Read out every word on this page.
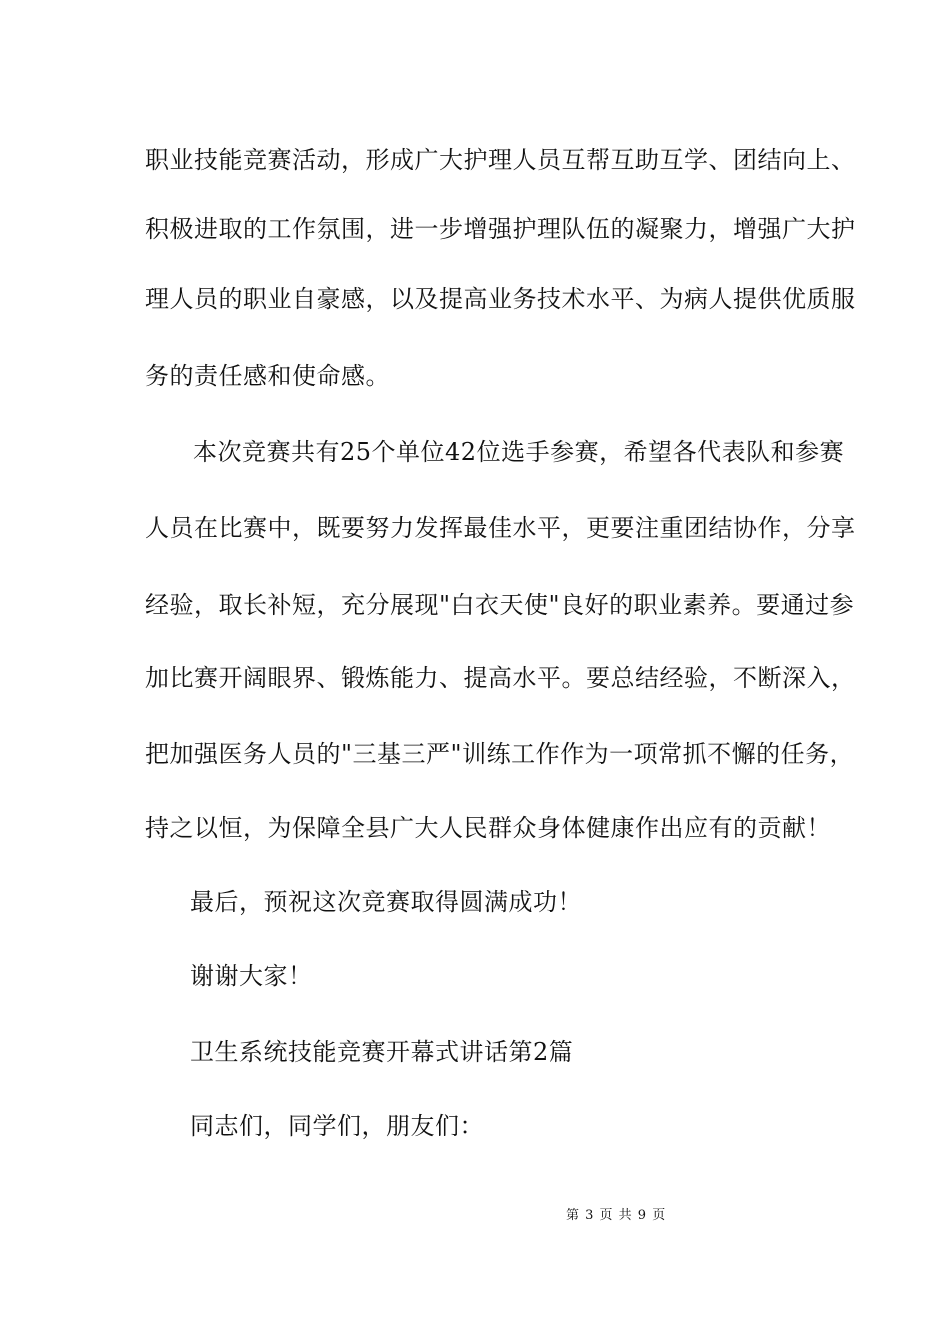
职业技能竞赛活动，形成广大护理人员互帮互助互学、团结向上、
积极进取的工作氛围，进一步增强护理队伍的凝聚力，增强广大护
理人员的职业自豪感，以及提高业务技术水平、为病人提供优质服
务的责任感和使命感。
本次竞赛共有25个单位42位选手参赛，希望各代表队和参赛
人员在比赛中，既要努力发挥最佳水平，更要注重团结协作，分享
经验，取长补短，充分展现"白衣天使"良好的职业素养。要通过参
加比赛开阔眼界、锻炼能力、提高水平。要总结经验，不断深入，
把加强医务人员的"三基三严"训练工作作为一项常抓不懈的任务，
持之以恒，为保障全县广大人民群众身体健康作出应有的贡献！
最后，预祝这次竞赛取得圆满成功！
谢谢大家！
卫生系统技能竞赛开幕式讲话第2篇
同志们，同学们，朋友们：
第 3 页 共 9 页
